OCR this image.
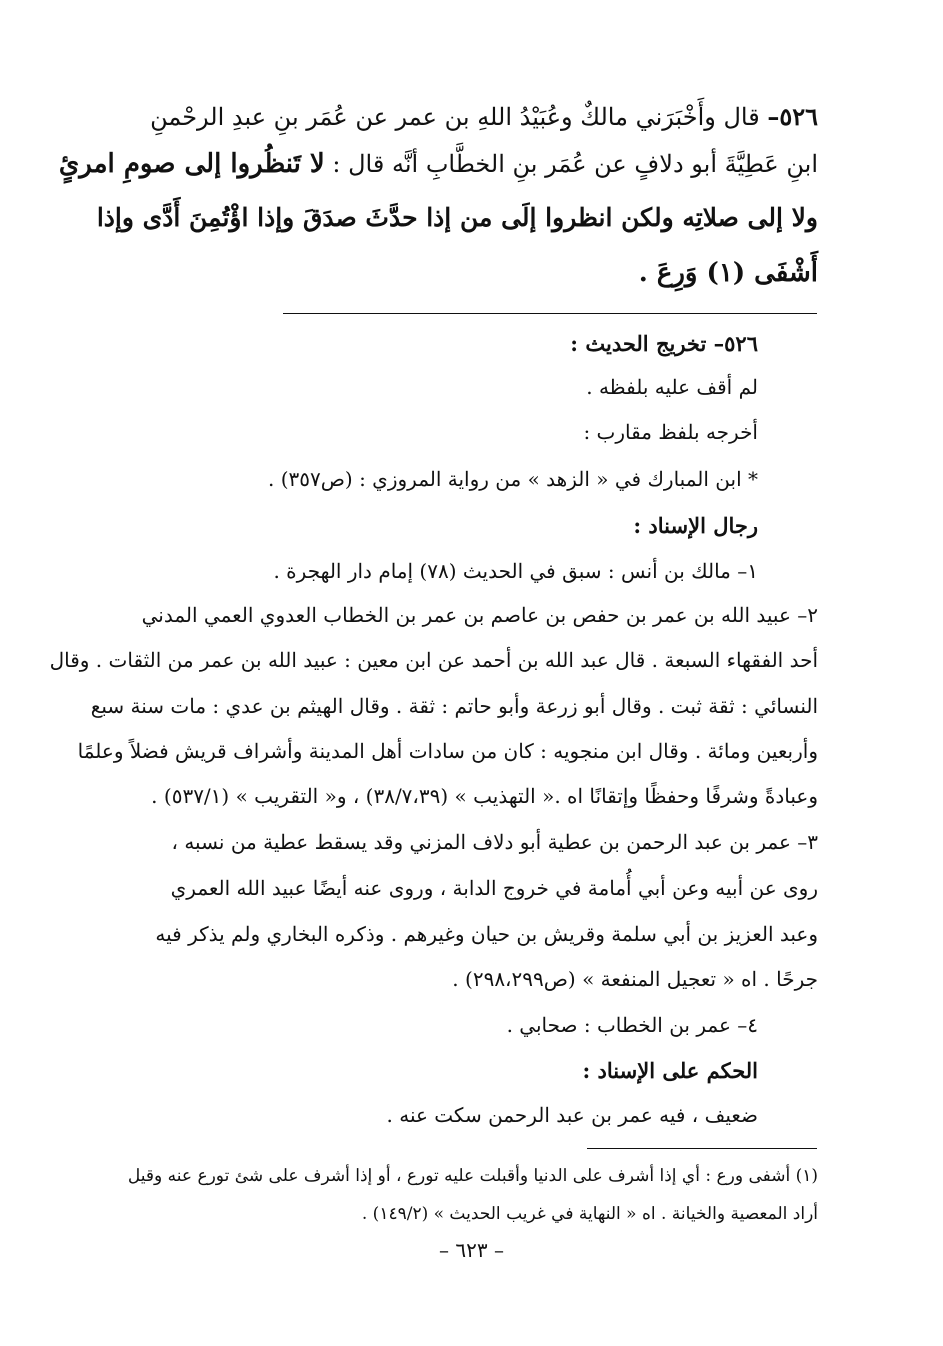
٥٢٦– قال وأَخْبَرَني مالكٌ وعُبَيْدُ اللهِ بن عمر عن عُمَر بنِ عبدِ الرحْمنِ
ابنِ عَطِيَّةَ أبو دلافٍ عن عُمَر بنِ الخطَّابِ أنَّه قال : لا تَنظُروا إلى صومِ امرئٍ
ولا إلى صلاتِه ولكن انظروا إلَى من إذا حدَّثَ صدَقَ وإذا اؤْتُمِنَ أَدَّى وإذا
أَشْفَى (١) وَرِعَ .
٥٢٦– تخريج الحديث :
لم أقف عليه بلفظه .
أخرجه بلفظ مقارب :
* ابن المبارك في « الزهد » من رواية المروزي : (ص٣٥٧) .
رجال الإسناد :
١– مالك بن أنس : سبق في الحديث (٧٨) إمام دار الهجرة .
٢– عبيد الله بن عمر بن حفص بن عاصم بن عمر بن الخطاب العدوي العمي المدني
أحد الفقهاء السبعة . قال عبد الله بن أحمد عن ابن معين : عبيد الله بن عمر من الثقات . وقال
النسائي : ثقة ثبت . وقال أبو زرعة وأبو حاتم : ثقة . وقال الهيثم بن عدي : مات سنة سبع
وأربعين ومائة . وقال ابن منجويه : كان من سادات أهل المدينة وأشراف قريش فضلاً وعلمًا
وعبادةً وشرفًا وحفظًا وإتقانًا اه .« التهذيب » (٣٨/٧،٣٩) ، و« التقريب » (٥٣٧/١) .
٣– عمر بن عبد الرحمن بن عطية أبو دلاف المزني وقد يسقط عطية من نسبه ،
روى عن أبيه وعن أبي أُمامة في خروج الدابة ، وروى عنه أيضًا عبيد الله العمري
وعبد العزيز بن أبي سلمة وقريش بن حيان وغيرهم . وذكره البخاري ولم يذكر فيه
جرحًا . اه « تعجيل المنفعة » (ص٢٩٨،٢٩٩) .
٤– عمر بن الخطاب : صحابي .
الحكم على الإسناد :
ضعيف ، فيه عمر بن عبد الرحمن سكت عنه .
(١) أشفى ورع : أي إذا أشرف على الدنيا وأقبلت عليه تورع ، أو إذا أشرف على شئ تورع عنه وقيل
أراد المعصية والخيانة . اه « النهاية في غريب الحديث » (١٤٩/٢) .
– ٦٢٣ –
